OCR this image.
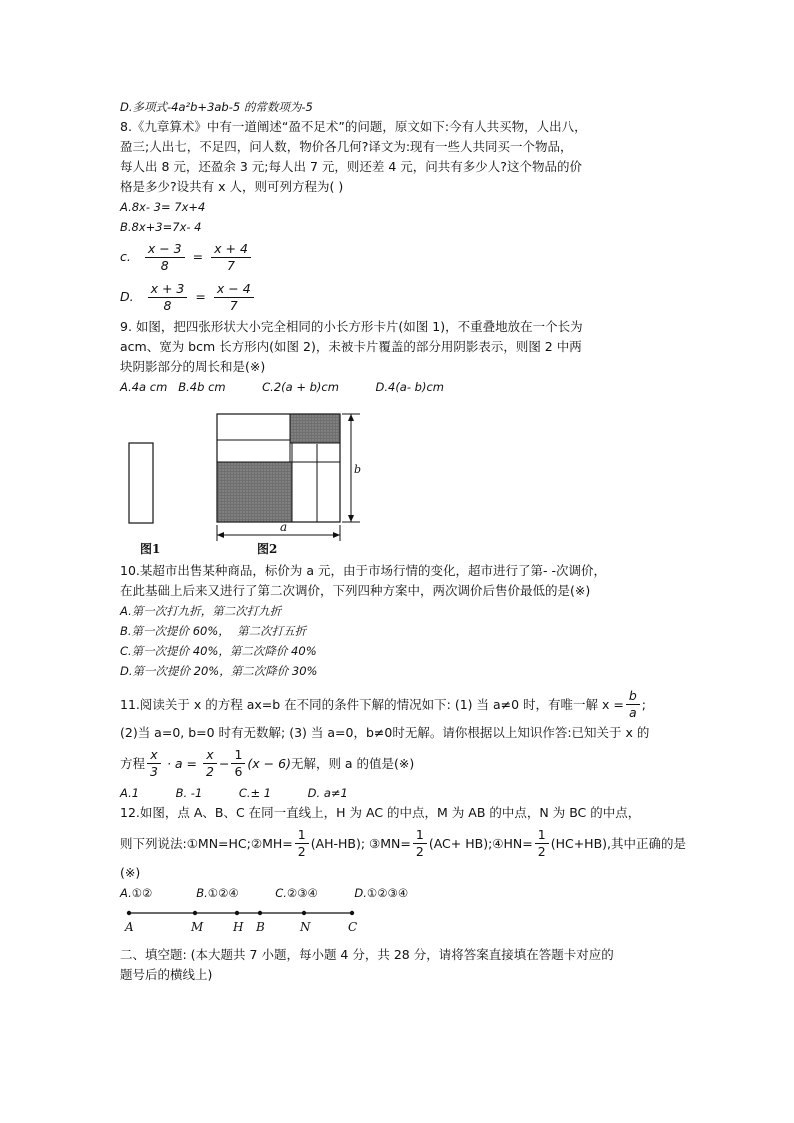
D.多项式-4a²b+3ab-5 的常数项为-5
8.《九章算术》中有一道阐述“盈不足术”的问题，原文如下:今有人共买物，人出八，
盈三;人出七，不足四，问人数，物价各几何?译文为:现有一些人共同买一个物品，
每人出 8 元，还盈余 3 元;每人出 7 元，则还差 4 元，问共有多少人?这个物品的价
格是多少?设共有 x 人，则可列方程为( )
A.8x- 3= 7x+4
B.8x+3=7x- 4
c. $\frac{x - 3}{8} = \frac{x + 4}{7}$
D. $\frac{x + 3}{8} = \frac{x - 4}{7}$
9. 如图，把四张形状大小完全相同的小长方形卡片(如图 1)，不重叠地放在一个长为
acm、宽为 bcm 长方形内(如图 2)，未被卡片覆盖的部分用阴影表示，则图 2 中两
块阴影部分的周长和是(※)
A.4a cm   B.4b cm          C.2(a + b)cm          D.4(a- b)cm
a
b
图1	图2
10.某超市出售某种商品，标价为 a 元，由于市场行情的变化，超市进行了第- -次调价，
在此基础上后来又进行了第二次调价，下列四种方案中，两次调价后售价最低的是(※)
A.第一次打九折，第二次打九折
B.第一次提价 60%，  第二次打五折
C.第一次提价 40%，第二次降价 40%
D.第一次提价 20%，第二次降价 30%
11.阅读关于 x 的方程 ax=b 在不同的条件下解的情况如下: (1) 当 a≠0 时，有唯一解 $x = \frac{b}{a}$ ;
(2)当 a=0, b=0 时有无数解; (3) 当 a=0，b≠0时无解。请你根据以上知识作答:已知关于 x 的
方程 $\frac{x}{3} \cdot a = \frac{x}{2} - \frac{1}{6} (x - 6)$ 无解，则 a 的值是(※)
A.1          B. -1          C.± 1          D. a≠1
12.如图，点 A、B、C 在同一直线上，H 为 AC 的中点，M 为 AB 的中点，N 为 BC 的中点，
则下列说法:①MN=HC;②MH= $\frac{1}{2} (AH-HB)$; ③MN= $\frac{1}{2} (AC+$ HB);④HN= $\frac{1}{2} (HC+HB)$,其中正确的是
(※)
A.①②            B.①②④          C.②③④          D.①②③④
A	M H B	N	C
二、填空题: (本大题共 7 小题，每小题 4 分，共 28 分，请将答案直接填在答题卡对应的
题号后的横线上)
